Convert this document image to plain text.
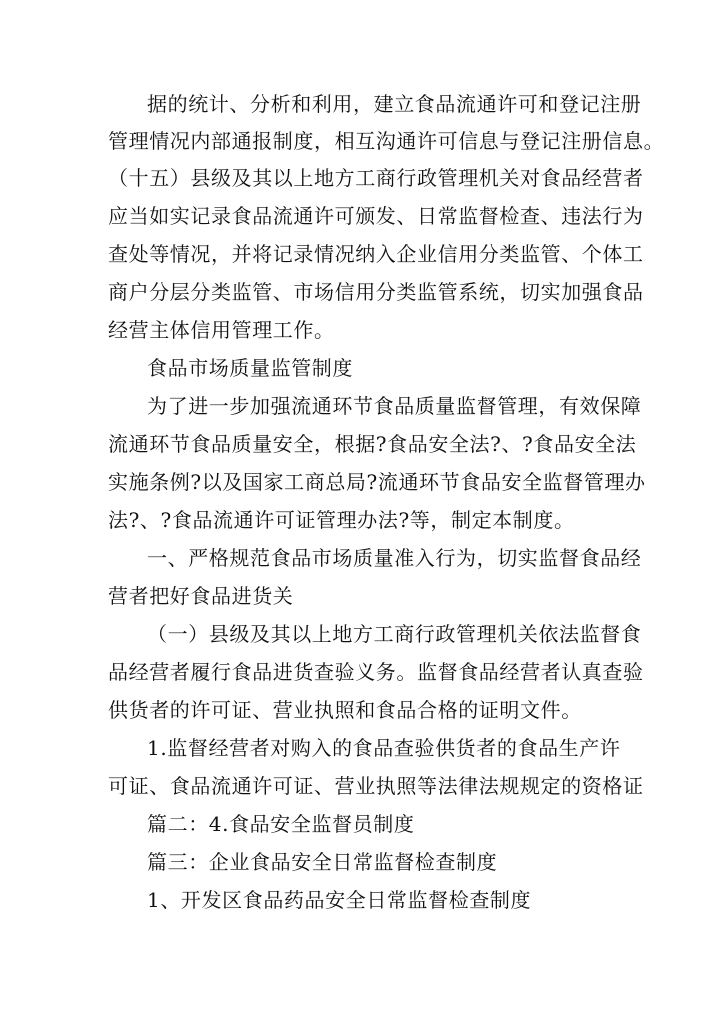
据的统计、分析和利用，建立食品流通许可和登记注册
管理情况内部通报制度，相互沟通许可信息与登记注册信息。
（十五）县级及其以上地方工商行政管理机关对食品经营者
应当如实记录食品流通许可颁发、日常监督检查、违法行为
查处等情况，并将记录情况纳入企业信用分类监管、个体工
商户分层分类监管、市场信用分类监管系统，切实加强食品
经营主体信用管理工作。
食品市场质量监管制度
为了进一步加强流通环节食品质量监督管理，有效保障
流通环节食品质量安全，根据?食品安全法?、?食品安全法
实施条例?以及国家工商总局?流通环节食品安全监督管理办
法?、?食品流通许可证管理办法?等，制定本制度。
一、严格规范食品市场质量准入行为，切实监督食品经
营者把好食品进货关
（一）县级及其以上地方工商行政管理机关依法监督食
品经营者履行食品进货查验义务。监督食品经营者认真查验
供货者的许可证、营业执照和食品合格的证明文件。
1.监督经营者对购入的食品查验供货者的食品生产许
可证、食品流通许可证、营业执照等法律法规规定的资格证
篇二：4.食品安全监督员制度
篇三：企业食品安全日常监督检查制度
1、开发区食品药品安全日常监督检查制度
